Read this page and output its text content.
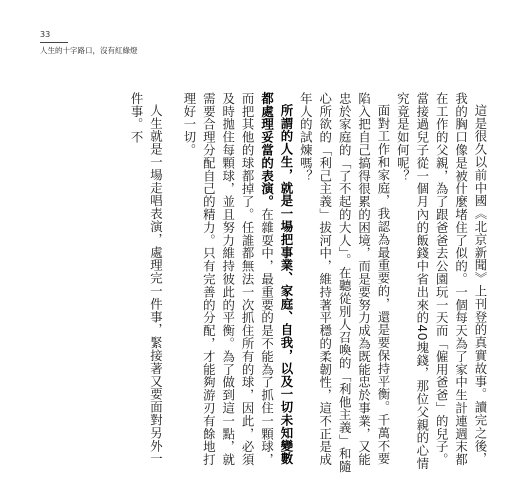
33
人生的十字路口，沒有紅綠燈

這是很久以前中國《北京新聞》上刊登的真實故事。讀完之後，我的胸口像是被什麼堵住了似的。一個每天為了家中生計連週末都在工作的父親，為了跟爸爸去公園玩一天而「僱用爸爸」的兒子。當接過兒子從一個月內的飯錢中省出來的40塊錢，那位父親的心情究竟是如何呢？

面對工作和家庭，我認為最重要的，還是要保持平衡。千萬不要陷入把自己搞得很累的困境，而是要努力成為既能忠於事業，又能忠於家庭的「了不起的大人」。在聽從別人召喚的「利他主義」和隨心所欲的「利己主義」拔河中，維持著平穩的柔韌性，這不正是成年人的試煉嗎？

所謂的人生，就是一場把事業、家庭、自我，以及一切未知變數都處理妥當的表演。在雜耍中，最重要的是不能為了抓住一顆球，而把其他的球都掉了。任誰都無法一次抓住所有的球，因此，必須及時拋住每顆球，並且努力維持彼此的平衡。為了做到這一點，就需要合理分配自己的精力。只有完善的分配，才能夠游刃有餘地打理好一切。

人生就是一場走唱表演，處理完一件事，緊接著又要面對另外一件事。不
